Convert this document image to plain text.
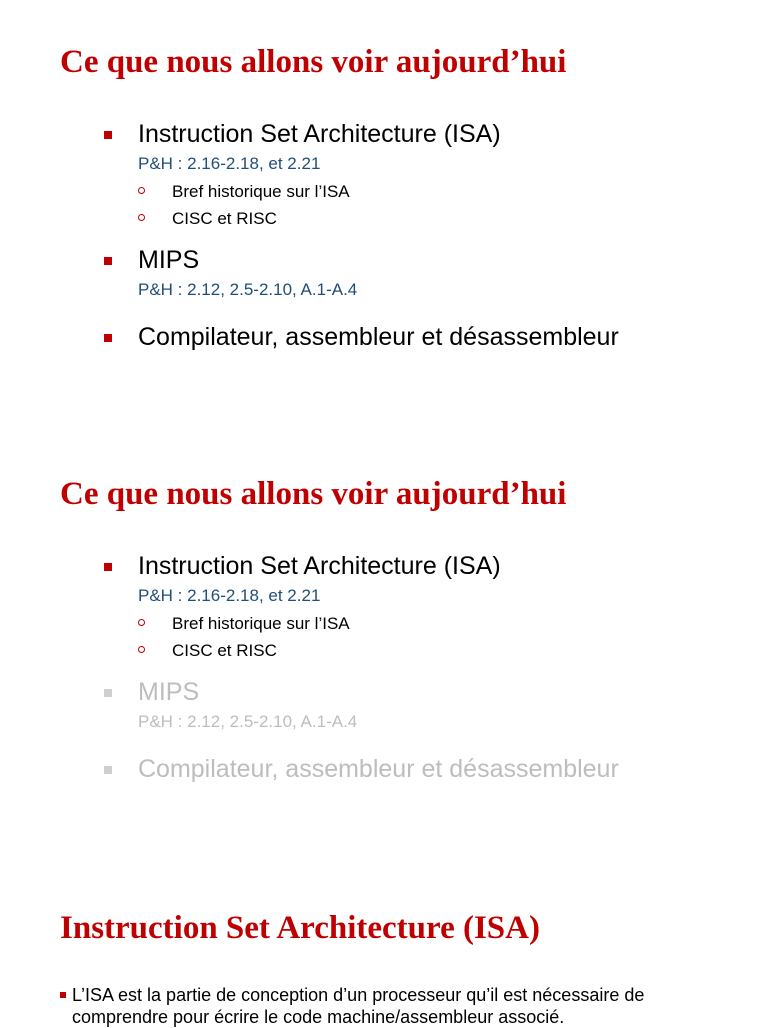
Ce que nous allons voir aujourd’hui
Instruction Set Architecture (ISA)
P&H : 2.16-2.18, et 2.21
Bref historique sur l’ISA
CISC et RISC
MIPS
P&H : 2.12, 2.5-2.10, A.1-A.4
Compilateur, assembleur et désassembleur
Ce que nous allons voir aujourd’hui
Instruction Set Architecture (ISA)
P&H : 2.16-2.18, et 2.21
Bref historique sur l’ISA
CISC et RISC
MIPS
P&H : 2.12, 2.5-2.10, A.1-A.4
Compilateur, assembleur et désassembleur
Instruction Set Architecture (ISA)
L’ISA est la partie de conception d’un processeur qu’il est nécessaire de comprendre pour écrire le code machine/assembleur associé.
